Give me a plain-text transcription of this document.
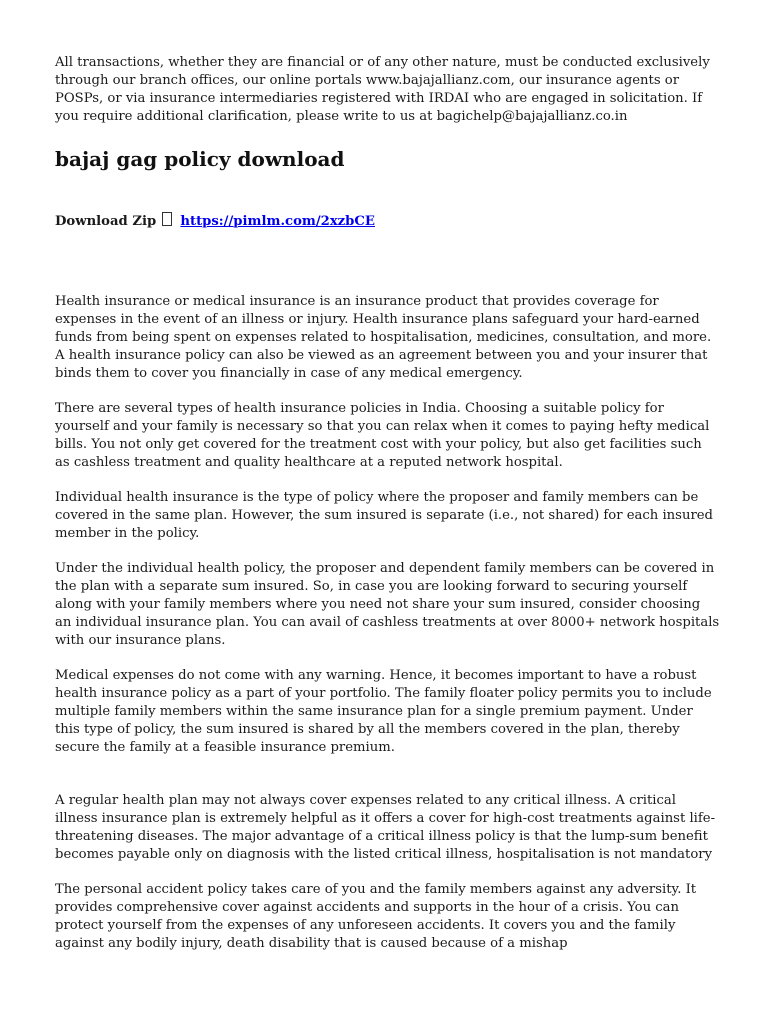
All transactions, whether they are financial or of any other nature, must be conducted exclusively through our branch offices, our online portals www.bajajallianz.com, our insurance agents or POSPs, or via insurance intermediaries registered with IRDAI who are engaged in solicitation. If you require additional clarification, please write to us at bagichelp@bajajallianz.co.in

bajaj gag policy download
Download Zip https://pimlm.com/2xzbCE

Health insurance or medical insurance is an insurance product that provides coverage for expenses in the event of an illness or injury. Health insurance plans safeguard your hard-earned funds from being spent on expenses related to hospitalisation, medicines, consultation, and more. A health insurance policy can also be viewed as an agreement between you and your insurer that binds them to cover you financially in case of any medical emergency.

There are several types of health insurance policies in India. Choosing a suitable policy for yourself and your family is necessary so that you can relax when it comes to paying hefty medical bills. You not only get covered for the treatment cost with your policy, but also get facilities such as cashless treatment and quality healthcare at a reputed network hospital.

Individual health insurance is the type of policy where the proposer and family members can be covered in the same plan. However, the sum insured is separate (i.e., not shared) for each insured member in the policy.

Under the individual health policy, the proposer and dependent family members can be covered in the plan with a separate sum insured. So, in case you are looking forward to securing yourself along with your family members where you need not share your sum insured, consider choosing an individual insurance plan. You can avail of cashless treatments at over 8000+ network hospitals with our insurance plans.

Medical expenses do not come with any warning. Hence, it becomes important to have a robust health insurance policy as a part of your portfolio. The family floater policy permits you to include multiple family members within the same insurance plan for a single premium payment. Under this type of policy, the sum insured is shared by all the members covered in the plan, thereby secure the family at a feasible insurance premium.

A regular health plan may not always cover expenses related to any critical illness. A critical illness insurance plan is extremely helpful as it offers a cover for high-cost treatments against life-threatening diseases. The major advantage of a critical illness policy is that the lump-sum benefit becomes payable only on diagnosis with the listed critical illness, hospitalisation is not mandatory

The personal accident policy takes care of you and the family members against any adversity. It provides comprehensive cover against accidents and supports in the hour of a crisis. You can protect yourself from the expenses of any unforeseen accidents. It covers you and the family against any bodily injury, death disability that is caused because of a mishap
